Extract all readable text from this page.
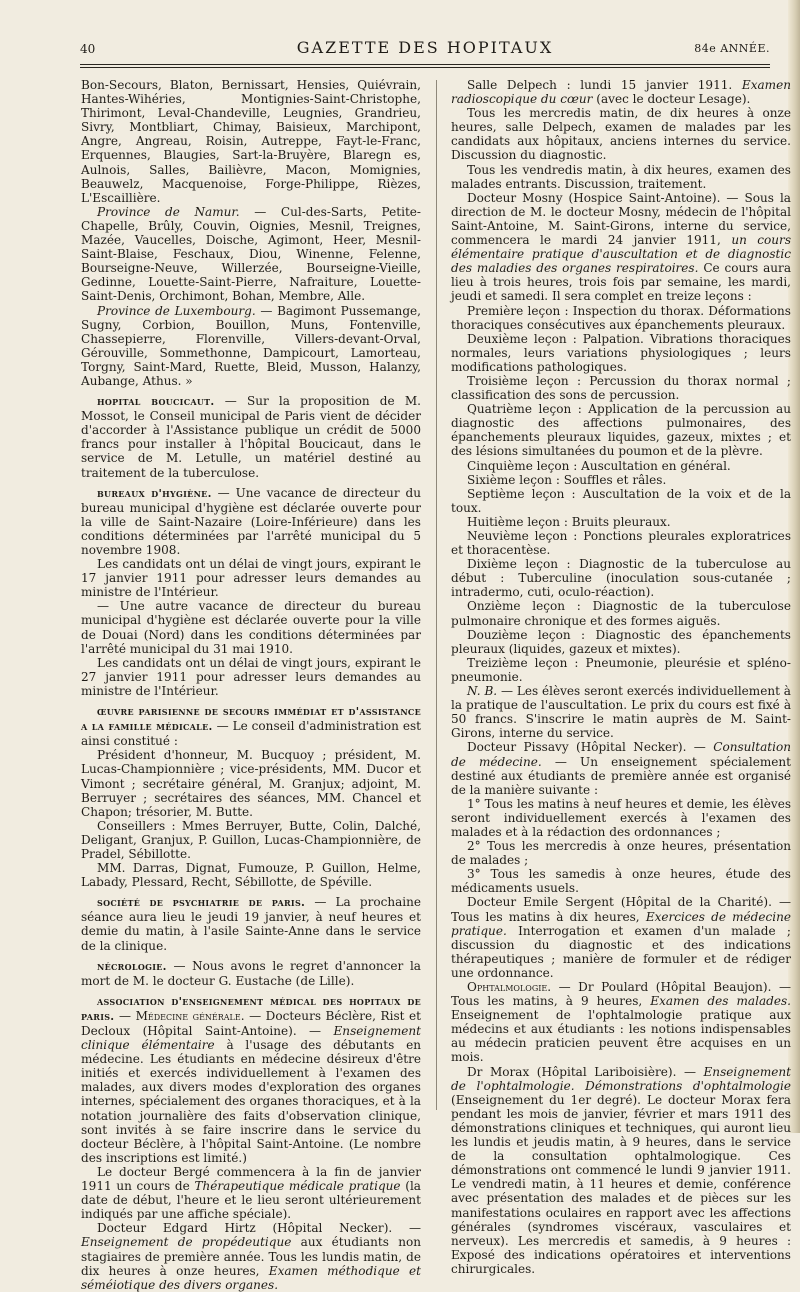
40	GAZETTE DES HOPITAUX	84e ANNÉE.

Bon-Secours, Blaton, Bernissart, Hensies, Quiévrain, Hantes-Wihéries, Montignies-Saint-Christophe, Thirimont, Leval-Chandeville, Leugnies, Grandrieu, Sivry, Montbliart, Chimay, Baisieux, Marchipont, Angre, Angreau, Roisin, Autreppe, Fayt-le-Franc, Erquennes, Blaugies, Sart-la-Bruyère, Blaregn es, Aulnois, Salles, Bailièvre, Macon, Momignies, Beauwelz, Macquenoise, Forge-Philippe, Rièzes, L'Escaillière.

Province de Namur. — Cul-des-Sarts, Petite-Chapelle, Brûly, Couvin, Oignies, Mesnil, Treignes, Mazée, Vaucelles, Doische, Agimont, Heer, Mesnil-Saint-Blaise, Feschaux, Diou, Winenne, Felenne, Bourseigne-Neuve, Willerzée, Bourseigne-Vieille, Gedinne, Louette-Saint-Pierre, Nafraiture, Louette-Saint-Denis, Orchimont, Bohan, Membre, Alle.

Province de Luxembourg. — Bagimont Pussemange, Sugny, Corbion, Bouillon, Muns, Fontenville, Chassepierre, Florenville, Villers-devant-Orval, Gérouville, Sommethonne, Dampicourt, Lamorteau, Torgny, Saint-Mard, Ruette, Bleid, Musson, Halanzy, Aubange, Athus. »

hopital boucicaut. — Sur la proposition de M. Mossot, le Conseil municipal de Paris vient de décider d'accorder à l'Assistance publique un crédit de 5000 francs pour installer à l'hôpital Boucicaut, dans le service de M. Letulle, un matériel destiné au traitement de la tuberculose.

bureaux d'hygiène. — Une vacance de directeur du bureau municipal d'hygiène est déclarée ouverte pour la ville de Saint-Nazaire (Loire-Inférieure) dans les conditions déterminées par l'arrêté municipal du 5 novembre 1908.

Les candidats ont un délai de vingt jours, expirant le 17 janvier 1911 pour adresser leurs demandes au ministre de l'Intérieur.

— Une autre vacance de directeur du bureau municipal d'hygiène est déclarée ouverte pour la ville de Douai (Nord) dans les conditions déterminées par l'arrêté municipal du 31 mai 1910.

Les candidats ont un délai de vingt jours, expirant le 27 janvier 1911 pour adresser leurs demandes au ministre de l'Intérieur.

œuvre parisienne de secours immédiat et d'assistance a la famille médicale. — Le conseil d'administration est ainsi constitué :

Président d'honneur, M. Bucquoy ; président, M. Lucas-Championnière ; vice-présidents, MM. Ducor et Vimont ; secrétaire général, M. Granjux; adjoint, M. Berruyer ; secrétaires des séances, MM. Chancel et Chapon; trésorier, M. Butte.

Conseillers : Mmes Berruyer, Butte, Colin, Dalché, Deligant, Granjux, P. Guillon, Lucas-Championnière, de Pradel, Sébillotte.

MM. Darras, Dignat, Fumouze, P. Guillon, Helme, Labady, Plessard, Recht, Sébillotte, de Spéville.

société de psychiatrie de paris. — La prochaine séance aura lieu le jeudi 19 janvier, à neuf heures et demie du matin, à l'asile Sainte-Anne dans le service de la clinique.

nécrologie. — Nous avons le regret d'annoncer la mort de M. le docteur G. Eustache (de Lille).

association d'enseignement médical des hopitaux de paris. — Médecine générale. — Docteurs Béclère, Rist et Decloux (Hôpital Saint-Antoine). — Enseignement clinique élémentaire à l'usage des débutants en médecine. Les étudiants en médecine désireux d'être initiés et exercés individuellement à l'examen des malades, aux divers modes d'exploration des organes internes, spécialement des organes thoraciques, et à la notation journalière des faits d'observation clinique, sont invités à se faire inscrire dans le service du docteur Béclère, à l'hôpital Saint-Antoine. (Le nombre des inscriptions est limité.)

Le docteur Bergé commencera à la fin de janvier 1911 un cours de Thérapeutique médicale pratique (la date de début, l'heure et le lieu seront ultérieurement indiqués par une affiche spéciale).

Docteur Edgard Hirtz (Hôpital Necker). — Enseignement de propédeutique aux étudiants non stagiaires de première année. Tous les lundis matin, de dix heures à onze heures, Examen méthodique et séméiotique des divers organes.

Salle Delpech : lundi 15 janvier 1911. Examen radioscopique du cœur (avec le docteur Lesage).

Tous les mercredis matin, de dix heures à onze heures, salle Delpech, examen de malades par les candidats aux hôpitaux, anciens internes du service. Discussion du diagnostic.

Tous les vendredis matin, à dix heures, examen des malades entrants. Discussion, traitement.

Docteur Mosny (Hospice Saint-Antoine). — Sous la direction de M. le docteur Mosny, médecin de l'hôpital Saint-Antoine, M. Saint-Girons, interne du service, commencera le mardi 24 janvier 1911, un cours élémentaire pratique d'auscultation et de diagnostic des maladies des organes respiratoires. Ce cours aura lieu à trois heures, trois fois par semaine, les mardi, jeudi et samedi. Il sera complet en treize leçons :

Première leçon : Inspection du thorax. Déformations thoraciques consécutives aux épanchements pleuraux.

Deuxième leçon : Palpation. Vibrations thoraciques normales, leurs variations physiologiques ; leurs modifications pathologiques.

Troisième leçon : Percussion du thorax normal ; classification des sons de percussion.

Quatrième leçon : Application de la percussion au diagnostic des affections pulmonaires, des épanchements pleuraux liquides, gazeux, mixtes ; et des lésions simultanées du poumon et de la plèvre.

Cinquième leçon : Auscultation en général.

Sixième leçon : Souffles et râles.

Septième leçon : Auscultation de la voix et de la toux.

Huitième leçon : Bruits pleuraux.

Neuvième leçon : Ponctions pleurales exploratrices et thoracentèse.

Dixième leçon : Diagnostic de la tuberculose au début : Tuberculine (inoculation sous-cutanée ; intradermo, cuti, oculo-réaction).

Onzième leçon : Diagnostic de la tuberculose pulmonaire chronique et des formes aiguës.

Douzième leçon : Diagnostic des épanchements pleuraux (liquides, gazeux et mixtes).

Treizième leçon : Pneumonie, pleurésie et spléno-pneumonie.

N. B. — Les élèves seront exercés individuellement à la pratique de l'auscultation. Le prix du cours est fixé à 50 francs. S'inscrire le matin auprès de M. Saint-Girons, interne du service.

Docteur Pissavy (Hôpital Necker). — Consultation de médecine. — Un enseignement spécialement destiné aux étudiants de première année est organisé de la manière suivante :

1° Tous les matins à neuf heures et demie, les élèves seront individuellement exercés à l'examen des malades et à la rédaction des ordonnances ;

2° Tous les mercredis à onze heures, présentation de malades ;

3° Tous les samedis à onze heures, étude des médicaments usuels.

Docteur Emile Sergent (Hôpital de la Charité). — Tous les matins à dix heures, Exercices de médecine pratique. Interrogation et examen d'un malade ; discussion du diagnostic et des indications thérapeutiques ; manière de formuler et de rédiger une ordonnance.

Ophtalmologie. — Dr Poulard (Hôpital Beaujon). — Tous les matins, à 9 heures, Examen des malades. Enseignement de l'ophtalmologie pratique aux médecins et aux étudiants : les notions indispensables au médecin praticien peuvent être acquises en un mois.

Dr Morax (Hôpital Lariboisière). — Enseignement de l'ophtalmologie. Démonstrations d'ophtalmologie (Enseignement du 1er degré). Le docteur Morax fera pendant les mois de janvier, février et mars 1911 des démonstrations cliniques et techniques, qui auront lieu les lundis et jeudis matin, à 9 heures, dans le service de la consultation ophtalmologique. Ces démonstrations ont commencé le lundi 9 janvier 1911. Le vendredi matin, à 11 heures et demie, conférence avec présentation des malades et de pièces sur les manifestations oculaires en rapport avec les affections générales (syndromes viscéraux, vasculaires et nerveux). Les mercredis et samedis, à 9 heures : Exposé des indications opératoires et interventions chirurgicales.
